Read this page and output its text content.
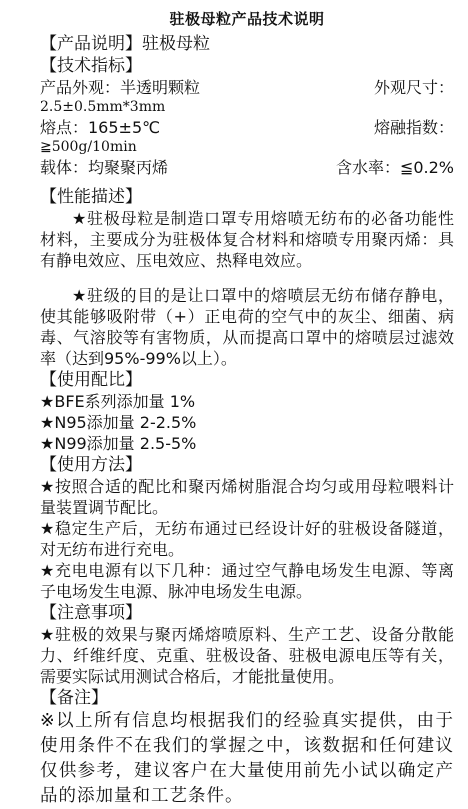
驻极母粒产品技术说明
【产品说明】驻极母粒
【技术指标】
产品外观：半透明颗粒	外观尺寸：
2.5±0.5mm*3mm
熔点：165±5℃	熔融指数：
≧500g/10min
载体：均聚聚丙烯	含水率：≦0.2%
【性能描述】

★驻极母粒是制造口罩专用熔喷无纺布的必备功能性材料，主要成分为驻极体复合材料和熔喷专用聚丙烯：具有静电效应、压电效应、热释电效应。

★驻级的目的是让口罩中的熔喷层无纺布储存静电，使其能够吸附带（+）正电荷的空气中的灰尘、细菌、病毒、气溶胶等有害物质，从而提高口罩中的熔喷层过滤效率（达到95%-99%以上）。

【使用配比】
★BFE系列添加量 1%
★N95添加量 2-2.5%
★N99添加量 2.5-5%
【使用方法】

★按照合适的配比和聚丙烯树脂混合均匀或用母粒喂料计量装置调节配比。

★稳定生产后，无纺布通过已经设计好的驻极设备隧道，对无纺布进行充电。

★充电电源有以下几种：通过空气静电场发生电源、等离子电场发生电源、脉冲电场发生电源。

【注意事项】

★驻极的效果与聚丙烯熔喷原料、生产工艺、设备分散能力、纤维纤度、克重、驻极设备、驻极电源电压等有关，需要实际试用测试合格后，才能批量使用。

【备注】

※以上所有信息均根据我们的经验真实提供，由于使用条件不在我们的掌握之中，该数据和任何建议仅供参考，建议客户在大量使用前先小试以确定产品的添加量和工艺条件。
